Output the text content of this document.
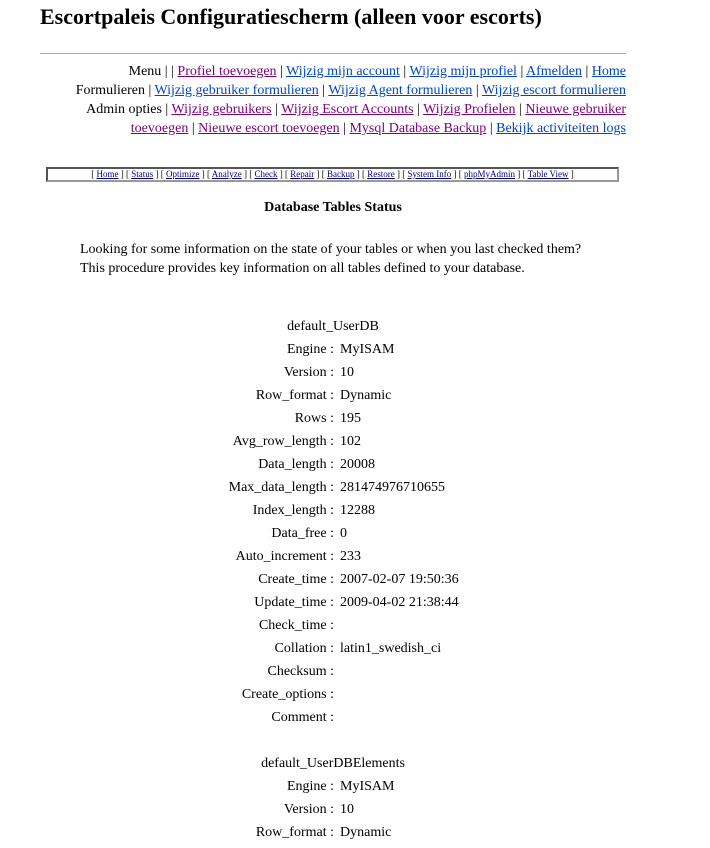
Escortpaleis Configuratiescherm (alleen voor escorts)
Menu | | Profiel toevoegen | Wijzig mijn account | Wijzig mijn profiel | Afmelden | Home Formulieren | Wijzig gebruiker formulieren | Wijzig Agent formulieren | Wijzig escort formulieren Admin opties | Wijzig gebruikers | Wijzig Escort Accounts | Wijzig Profielen | Nieuwe gebruiker toevoegen | Nieuwe escort toevoegen | Mysql Database Backup | Bekijk activiteiten logs
[ Home ] [ Status ] [ Optimize ] [ Analyze ] [ Check ] [ Repair ] [ Backup ] [ Restore ] [ System Info ] [ phpMyAdmin ] [ Table View ]
Database Tables Status
Looking for some information on the state of your tables or when you last checked them? This procedure provides key information on all tables defined to your database.
default_UserDB
Engine : MyISAM
Version : 10
Row_format : Dynamic
Rows : 195
Avg_row_length : 102
Data_length : 20008
Max_data_length : 281474976710655
Index_length : 12288
Data_free : 0
Auto_increment : 233
Create_time : 2007-02-07 19:50:36
Update_time : 2009-04-02 21:38:44
Check_time :
Collation : latin1_swedish_ci
Checksum :
Create_options :
Comment :
default_UserDBElements
Engine : MyISAM
Version : 10
Row_format : Dynamic
